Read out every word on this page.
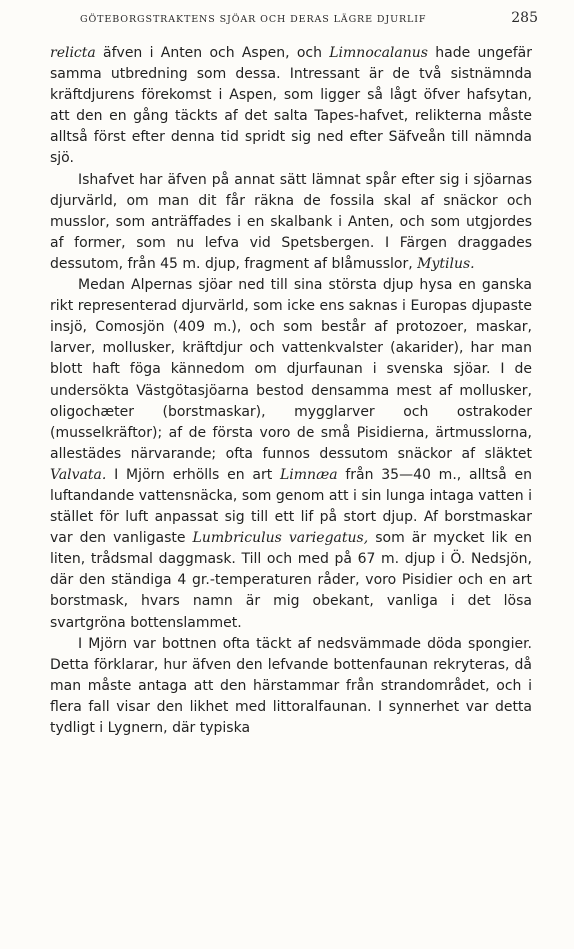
GÖTEBORGSTRAKTENS SJÖAR OCH DERAS LÄGRE DJURLIF	285

relicta äfven i Anten och Aspen, och Limnocalanus hade ungefär samma utbredning som dessa. Intressant är de två sistnämnda kräftdjurens förekomst i Aspen, som ligger så lågt öfver hafsytan, att den en gång täckts af det salta Tapes-hafvet, relikterna måste alltså först efter denna tid spridt sig ned efter Säfveån till nämnda sjö.

Ishafvet har äfven på annat sätt lämnat spår efter sig i sjöarnas djurvärld, om man dit får räkna de fossila skal af snäckor och musslor, som anträffades i en skalbank i Anten, och som utgjordes af former, som nu lefva vid Spetsbergen. I Färgen draggades dessutom, från 45 m. djup, fragment af blåmusslor, Mytilus.

Medan Alpernas sjöar ned till sina största djup hysa en ganska rikt representerad djurvärld, som icke ens saknas i Europas djupaste insjö, Comosjön (409 m.), och som består af protozoer, maskar, larver, mollusker, kräftdjur och vattenkvalster (akarider), har man blott haft föga kännedom om djurfaunan i svenska sjöar. I de undersökta Västgötasjöarna bestod densamma mest af mollusker, oligochæter (borstmaskar), mygglarver och ostrakoder (musselkräftor); af de första voro de små Pisidierna, ärtmusslorna, allestädes närvarande; ofta funnos dessutom snäckor af släktet Valvata. I Mjörn erhölls en art Limnæa från 35—40 m., alltså en luftandande vattensnäcka, som genom att i sin lunga intaga vatten i stället för luft anpassat sig till ett lif på stort djup. Af borstmaskar var den vanligaste Lumbriculus variegatus, som är mycket lik en liten, trådsmal daggmask. Till och med på 67 m. djup i Ö. Nedsjön, där den ständiga 4 gr.-temperaturen råder, voro Pisidier och en art borstmask, hvars namn är mig obekant, vanliga i det lösa svartgröna bottenslammet.

I Mjörn var bottnen ofta täckt af nedsvämmade döda spongier. Detta förklarar, hur äfven den lefvande bottenfaunan rekryteras, då man måste antaga att den härstammar från strandområdet, och i flera fall visar den likhet med littoralfaunan. I synnerhet var detta tydligt i Lygnern, där typiska
